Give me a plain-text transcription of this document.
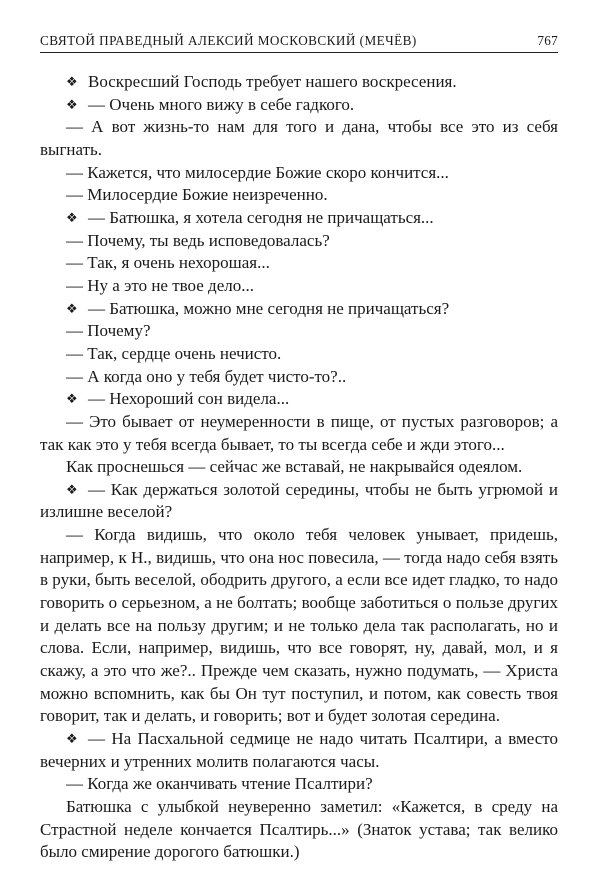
СВЯТОЙ ПРАВЕДНЫЙ АЛЕКСИЙ МОСКОВСКИЙ (МЕЧЁВ)	767

❖ Воскресший Господь требует нашего воскресения.

❖ — Очень много вижу в себе гадкого.

— А вот жизнь-то нам для того и дана, чтобы все это из себя выгнать.

— Кажется, что милосердие Божие скоро кончится...

— Милосердие Божие неизреченно.

❖ — Батюшка, я хотела сегодня не причащаться...

— Почему, ты ведь исповедовалась?

— Так, я очень нехорошая...

— Ну а это не твое дело...

❖ — Батюшка, можно мне сегодня не причащаться?

— Почему?

— Так, сердце очень нечисто.

— А когда оно у тебя будет чисто-то?..

❖ — Нехороший сон видела...

— Это бывает от неумеренности в пище, от пустых разговоров; а так как это у тебя всегда бывает, то ты всегда себе и жди этого...

Как проснешься — сейчас же вставай, не накрывайся одеялом.

❖ — Как держаться золотой середины, чтобы не быть угрюмой и излишне веселой?

— Когда видишь, что около тебя человек унывает, придешь, например, к Н., видишь, что она нос повесила, — тогда надо себя взять в руки, быть веселой, ободрить другого, а если все идет гладко, то надо говорить о серьезном, а не болтать; вообще заботиться о пользе других и делать все на пользу другим; и не только дела так располагать, но и слова. Если, например, видишь, что все говорят, ну, давай, мол, и я скажу, а это что же?.. Прежде чем сказать, нужно подумать, — Христа можно вспомнить, как бы Он тут поступил, и потом, как совесть твоя говорит, так и делать, и говорить; вот и будет золотая середина.

❖ — На Пасхальной седмице не надо читать Псалтири, а вместо вечерних и утренних молитв полагаются часы.

— Когда же оканчивать чтение Псалтири?

Батюшка с улыбкой неуверенно заметил: «Кажется, в среду на Страстной неделе кончается Псалтирь...» (Знаток устава; так велико было смирение дорогого батюшки.)
